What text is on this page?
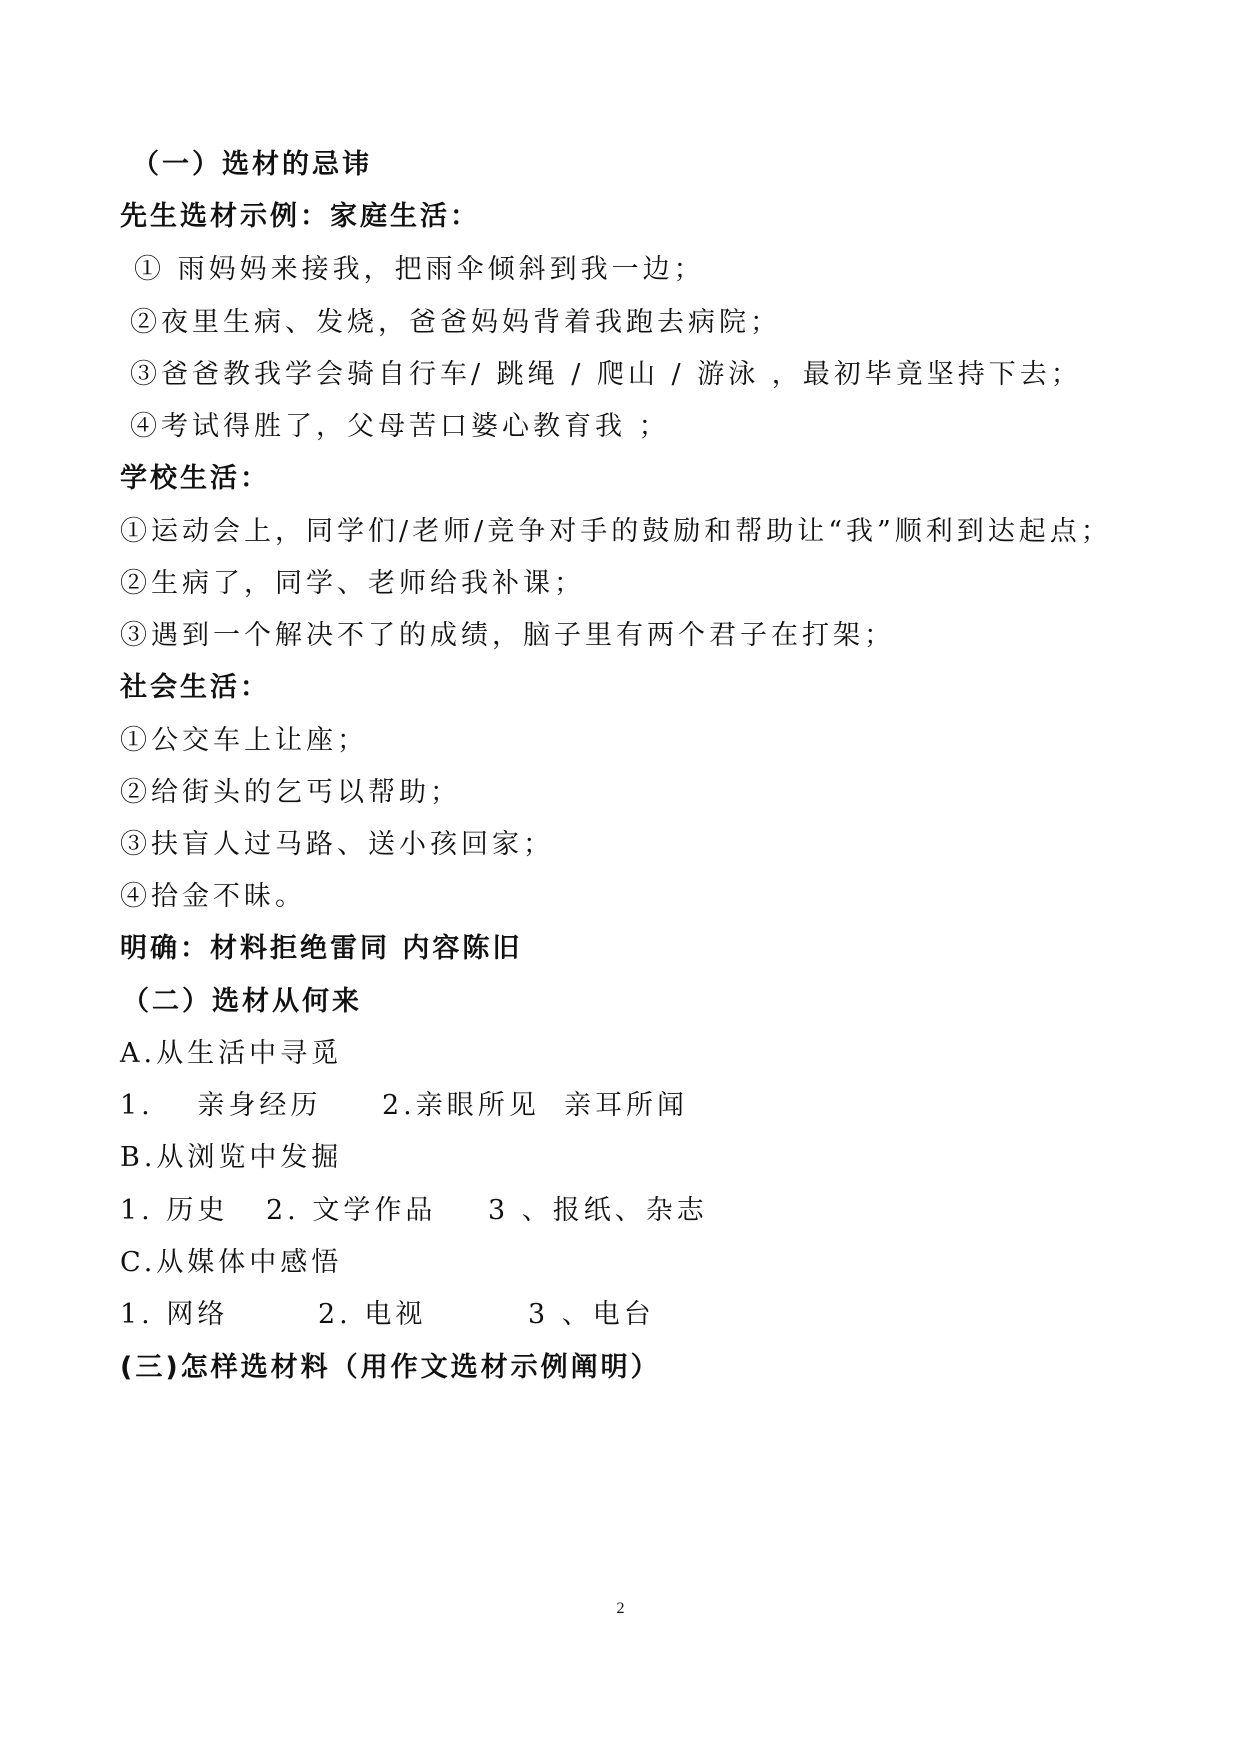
（一）选材的忌讳
先生选材示例：家庭生活：
① 雨妈妈来接我，把雨伞倾斜到我一边；
②夜里生病、发烧，爸爸妈妈背着我跑去病院；
③爸爸教我学会骑自行车/ 跳绳 / 爬山 / 游泳 ，最初毕竟坚持下去；
④考试得胜了，父母苦口婆心教育我 ；
学校生活：
①运动会上，同学们/老师/竞争对手的鼓励和帮助让“我”顺利到达起点；
②生病了，同学、老师给我补课；
③遇到一个解决不了的成绩，脑子里有两个君子在打架；
社会生活：
①公交车上让座；
②给街头的乞丐以帮助；
③扶盲人过马路、送小孩回家；
④拾金不昧。
明确：材料拒绝雷同 内容陈旧
（二）选材从何来
A.从生活中寻觅
1.　 亲身经历 2.亲眼所见 亲耳所闻
B.从浏览中发掘
1. 历史 2. 文学作品 3 、报纸、杂志
C.从媒体中感悟
1. 网络	2. 电视	3 、电台
(三)怎样选材料（用作文选材示例阐明）
2
